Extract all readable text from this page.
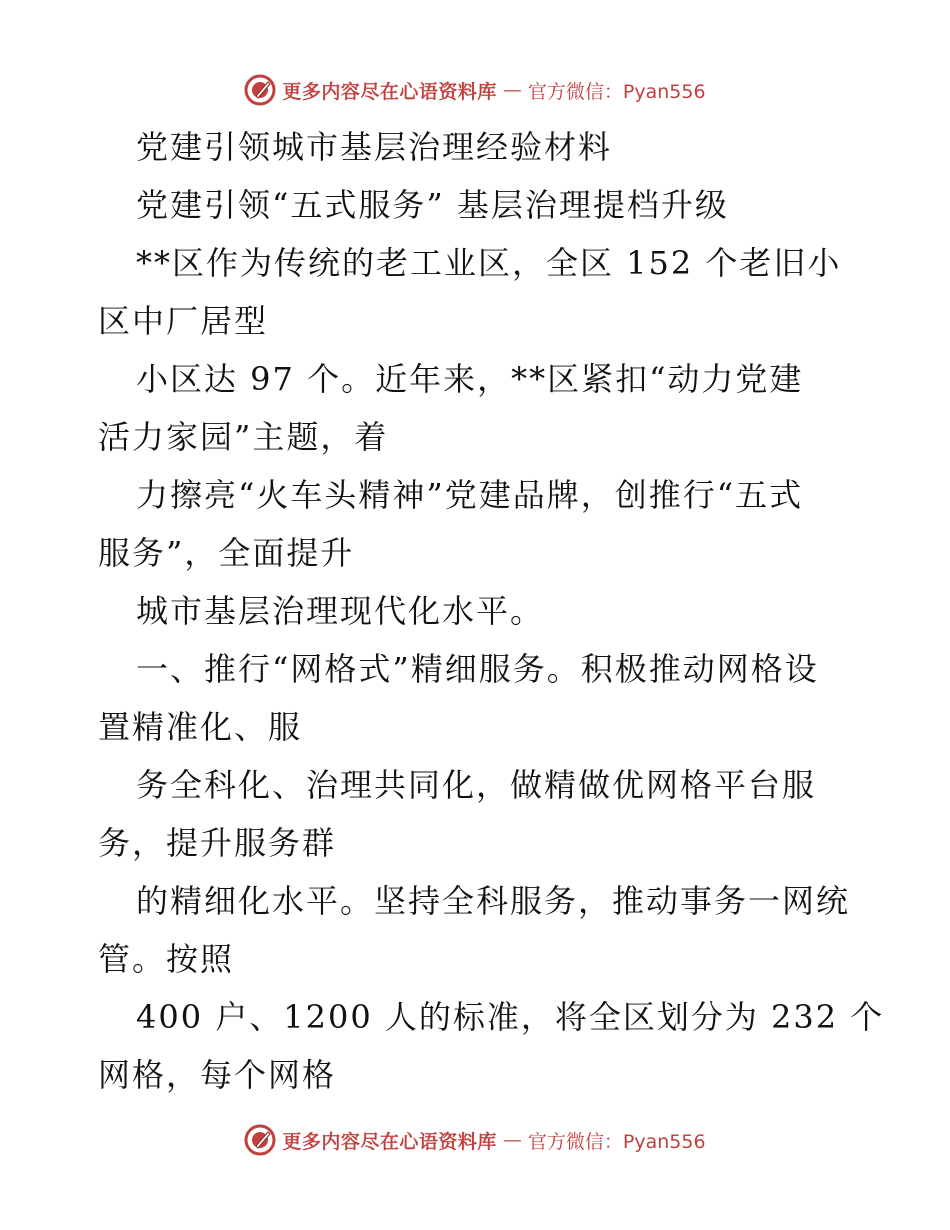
更多内容尽在心语资料库 — 官方微信：Pyan556
党建引领城市基层治理经验材料
党建引领“五式服务” 基层治理提档升级
**区作为传统的老工业区，全区 152 个老旧小
区中厂居型
小区达 97 个。近年来，**区紧扣“动力党建
活力家园”主题，着
力擦亮“火车头精神”党建品牌，创推行“五式
服务”，全面提升
城市基层治理现代化水平。
一、推行“网格式”精细服务。积极推动网格设
置精准化、服
务全科化、治理共同化，做精做优网格平台服
务，提升服务群
的精细化水平。坚持全科服务，推动事务一网统
管。按照
400 户、1200 人的标准，将全区划分为 232 个
网格，每个网格
更多内容尽在心语资料库 — 官方微信：Pyan556
